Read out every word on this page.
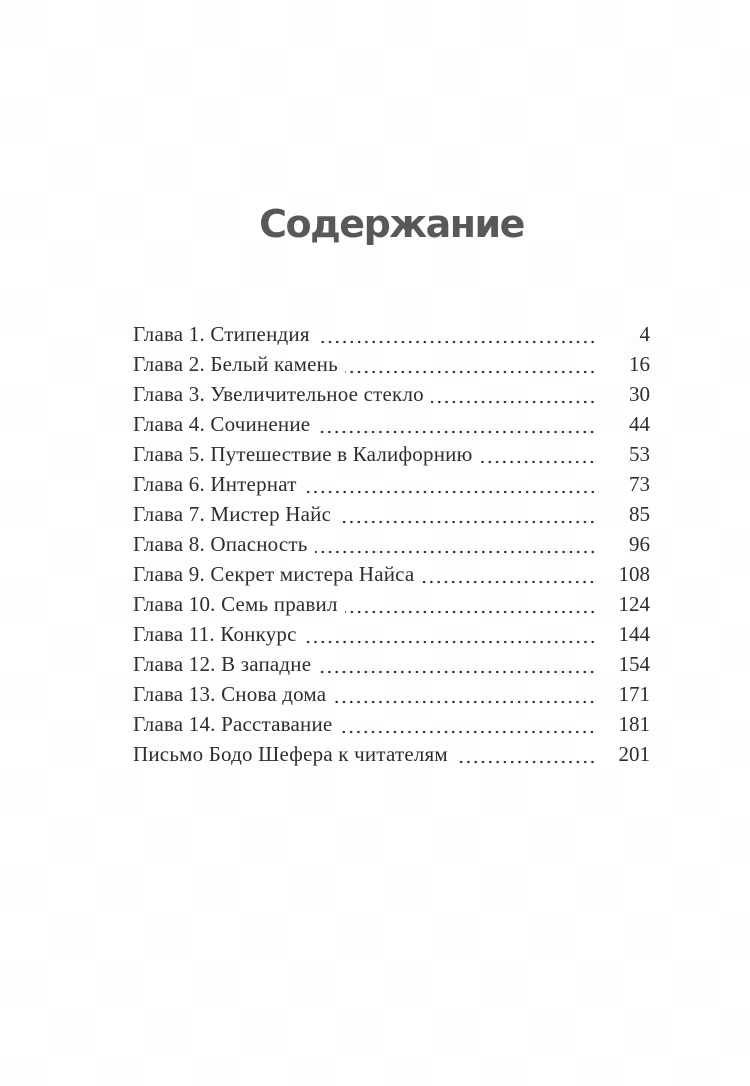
Содержание
Глава 1. Стипендия	4
Глава 2. Белый камень	16
Глава 3. Увеличительное стекло	30
Глава 4. Сочинение	44
Глава 5. Путешествие в Калифорнию	53
Глава 6. Интернат	73
Глава 7. Мистер Найс	85
Глава 8. Опасность	96
Глава 9. Секрет мистера Найса	108
Глава 10. Семь правил	124
Глава 11. Конкурс	144
Глава 12. В западне	154
Глава 13. Снова дома	171
Глава 14. Расставание	181
Письмо Бодо Шефера к читателям	201
